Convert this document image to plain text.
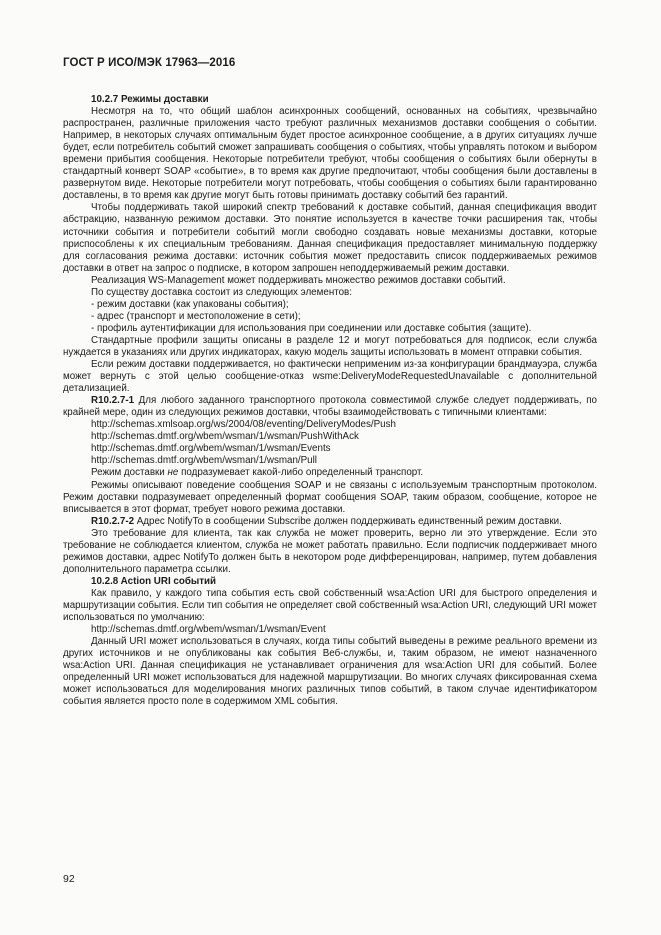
ГОСТ Р ИСО/МЭК 17963—2016

10.2.7 Режимы доставки

Несмотря на то, что общий шаблон асинхронных сообщений, основанных на событиях, чрезвычайно распространен, различные приложения часто требуют различных механизмов доставки сообщения о событии. Например, в некоторых случаях оптимальным будет простое асинхронное сообщение, а в других ситуациях лучше будет, если потребитель событий сможет запрашивать сообщения о событиях, чтобы управлять потоком и выбором времени прибытия сообщения. Некоторые потребители требуют, чтобы сообщения о событиях были обернуты в стандартный конверт SOAP «событие», в то время как другие предпочитают, чтобы сообщения были доставлены в развернутом виде. Некоторые потребители могут потребовать, чтобы сообщения о событиях были гарантированно доставлены, в то время как другие могут быть готовы принимать доставку событий без гарантий.

Чтобы поддерживать такой широкий спектр требований к доставке событий, данная спецификация вводит абстракцию, названную режимом доставки. Это понятие используется в качестве точки расширения так, чтобы источники события и потребители событий могли свободно создавать новые механизмы доставки, которые приспособлены к их специальным требованиям. Данная спецификация предоставляет минимальную поддержку для согласования режима доставки: источник события может предоставить список поддерживаемых режимов доставки в ответ на запрос о подписке, в котором запрошен неподдерживаемый режим доставки.

Реализация WS-Management может поддерживать множество режимов доставки событий.

По существу доставка состоит из следующих элементов:

- режим доставки (как упакованы события);

- адрес (транспорт и местоположение в сети);

- профиль аутентификации для использования при соединении или доставке события (защите).

Стандартные профили защиты описаны в разделе 12 и могут потребоваться для подписок, если служба нуждается в указаниях или других индикаторах, какую модель защиты использовать в момент отправки события.

Если режим доставки поддерживается, но фактически неприменим из-за конфигурации брандмауэра, служба может вернуть с этой целью сообщение-отказ wsme:DeliveryModeRequestedUnavailable с дополнительной детализацией.

R10.2.7-1 Для любого заданного транспортного протокола совместимой службе следует поддерживать, по крайней мере, один из следующих режимов доставки, чтобы взаимодействовать с типичными клиентами:

http://schemas.xmlsoap.org/ws/2004/08/eventing/DeliveryModes/Push

http://schemas.dmtf.org/wbem/wsman/1/wsman/PushWithAck

http://schemas.dmtf.org/wbem/wsman/1/wsman/Events

http://schemas.dmtf.org/wbem/wsman/1/wsman/Pull

Режим доставки не подразумевает какой-либо определенный транспорт.

Режимы описывают поведение сообщения SOAP и не связаны с используемым транспортным протоколом. Режим доставки подразумевает определенный формат сообщения SOAP, таким образом, сообщение, которое не вписывается в этот формат, требует нового режима доставки.

R10.2.7-2 Адрес NotifyTo в сообщении Subscribe должен поддерживать единственный режим доставки.

Это требование для клиента, так как служба не может проверить, верно ли это утверждение. Если это требование не соблюдается клиентом, служба не может работать правильно. Если подписчик поддерживает много режимов доставки, адрес NotifyTo должен быть в некотором роде дифференцирован, например, путем добавления дополнительного параметра ссылки.

10.2.8 Action URI событий

Как правило, у каждого типа события есть свой собственный wsa:Action URI для быстрого определения и маршрутизации события. Если тип события не определяет свой собственный wsa:Action URI, следующий URI может использоваться по умолчанию:

http://schemas.dmtf.org/wbem/wsman/1/wsman/Event

Данный URI может использоваться в случаях, когда типы событий выведены в режиме реального времени из других источников и не опубликованы как события Веб-службы, и, таким образом, не имеют назначенного wsa:Action URI. Данная спецификация не устанавливает ограничения для wsa:Action URI для событий. Более определенный URI может использоваться для надежной маршрутизации. Во многих случаях фиксированная схема может использоваться для моделирования многих различных типов событий, в таком случае идентификатором события является просто поле в содержимом XML события.

92
